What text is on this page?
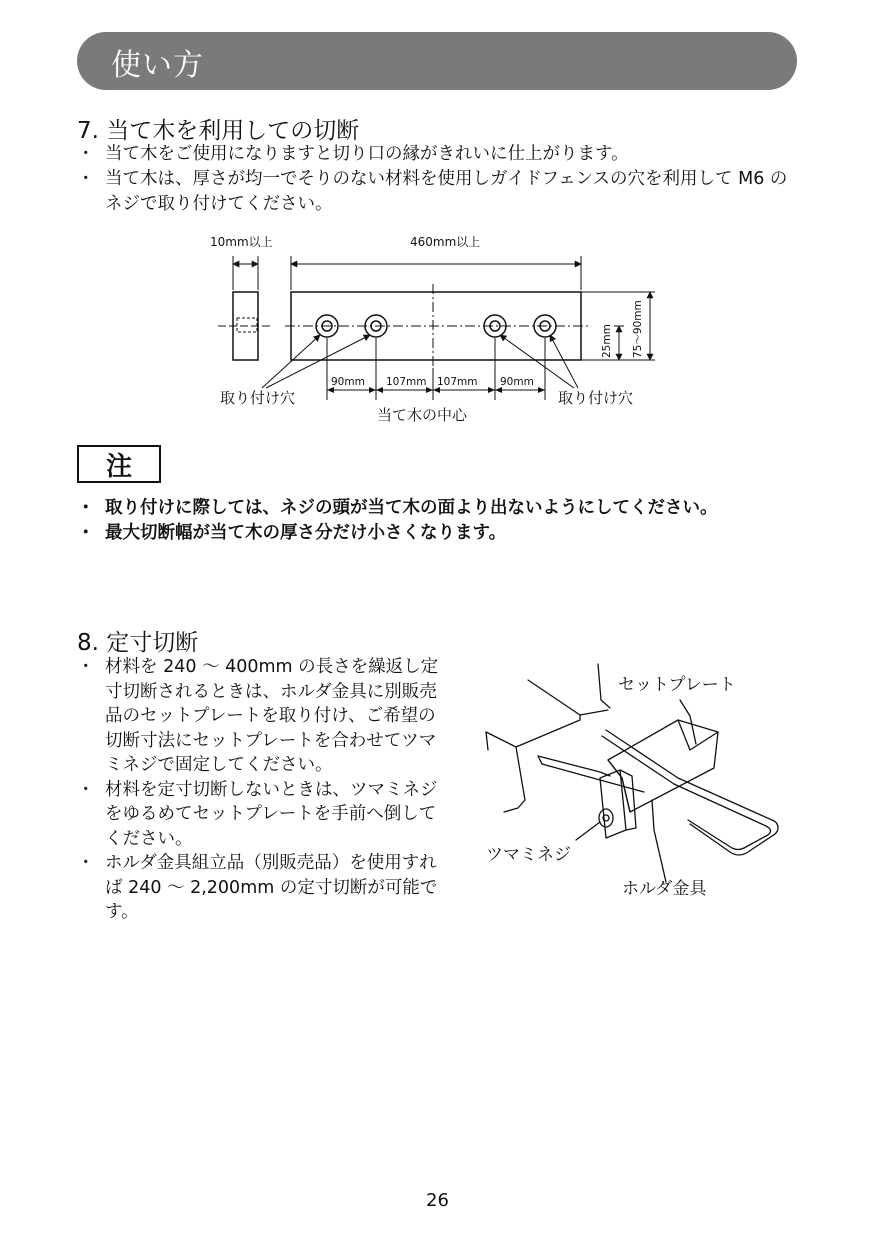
使い方
7. 当て木を利用しての切断
・ 当て木をご使用になりますと切り口の縁がきれいに仕上がります。
・ 当て木は、厚さが均一でそりのない材料を使用しガイドフェンスの穴を利用して M6 のネジで取り付けてください。
10mm以上	460mm以上
90mm 107mm 107mm 90mm
取り付け穴	取り付け穴
当て木の中心
25mm 75～90mm
注
・ 取り付けに際しては、ネジの頭が当て木の面より出ないようにしてください。
・ 最大切断幅が当て木の厚さ分だけ小さくなります。
8. 定寸切断
・ 材料を 240 ～ 400mm の長さを繰返し定寸切断されるときは、ホルダ金具に別販売品のセットプレートを取り付け、ご希望の切断寸法にセットプレートを合わせてツマミネジで固定してください。
・ 材料を定寸切断しないときは、ツマミネジをゆるめてセットプレートを手前へ倒してください。
・ ホルダ金具組立品（別販売品）を使用すれば 240 ～ 2,200mm の定寸切断が可能です。
セットプレート
ツマミネジ
ホルダ金具
26
